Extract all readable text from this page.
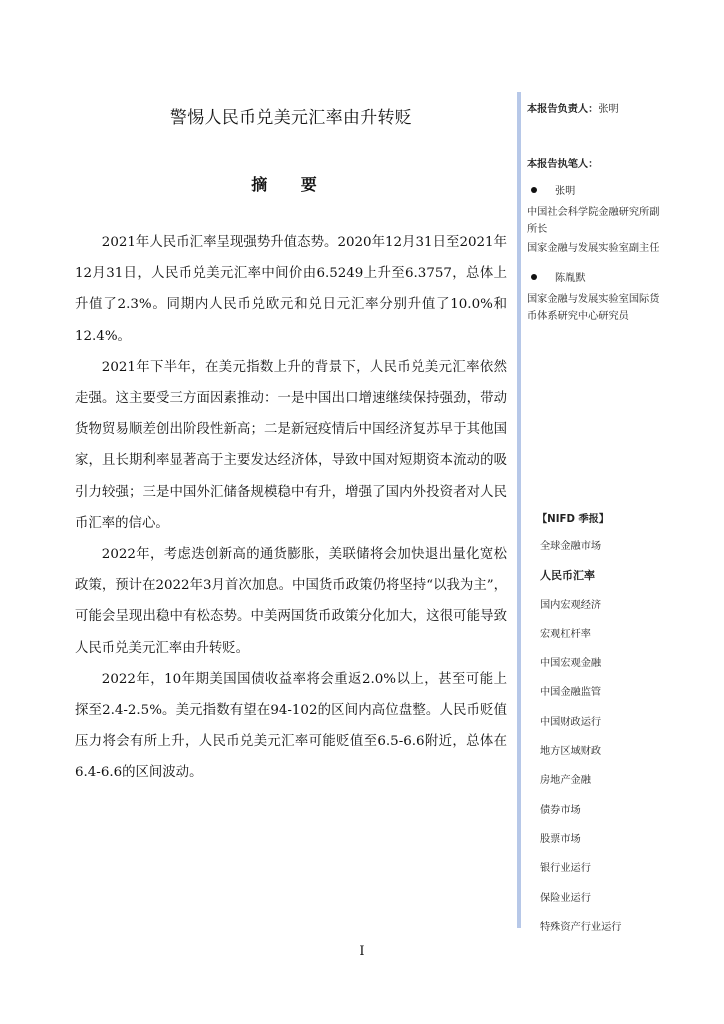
警惕人民币兑美元汇率由升转贬
摘 要

2021年人民币汇率呈现强势升值态势。2020年12月31日至2021年12月31日，人民币兑美元汇率中间价由6.5249上升至6.3757，总体上升值了2.3%。同期内人民币兑欧元和兑日元汇率分别升值了10.0%和12.4%。

2021年下半年，在美元指数上升的背景下，人民币兑美元汇率依然走强。这主要受三方面因素推动：一是中国出口增速继续保持强劲，带动货物贸易顺差创出阶段性新高；二是新冠疫情后中国经济复苏早于其他国家，且长期利率显著高于主要发达经济体，导致中国对短期资本流动的吸引力较强；三是中国外汇储备规模稳中有升，增强了国内外投资者对人民币汇率的信心。

2022年，考虑迭创新高的通货膨胀，美联储将会加快退出量化宽松政策，预计在2022年3月首次加息。中国货币政策仍将坚持“以我为主”，可能会呈现出稳中有松态势。中美两国货币政策分化加大，这很可能导致人民币兑美元汇率由升转贬。

2022年，10年期美国国债收益率将会重返2.0%以上，甚至可能上探至2.4-2.5%。美元指数有望在94-102的区间内高位盘整。人民币贬值压力将会有所上升，人民币兑美元汇率可能贬值至6.5-6.6附近，总体在6.4-6.6的区间波动。

本报告负责人：张明
本报告执笔人：
张明
中国社会科学院金融研究所副所长
国家金融与发展实验室副主任
陈胤默
国家金融与发展实验室国际货币体系研究中心研究员
【NIFD 季报】
全球金融市场
人民币汇率
国内宏观经济
宏观杠杆率
中国宏观金融
中国金融监管
中国财政运行
地方区域财政
房地产金融
债券市场
股票市场
银行业运行
保险业运行
特殊资产行业运行
I
